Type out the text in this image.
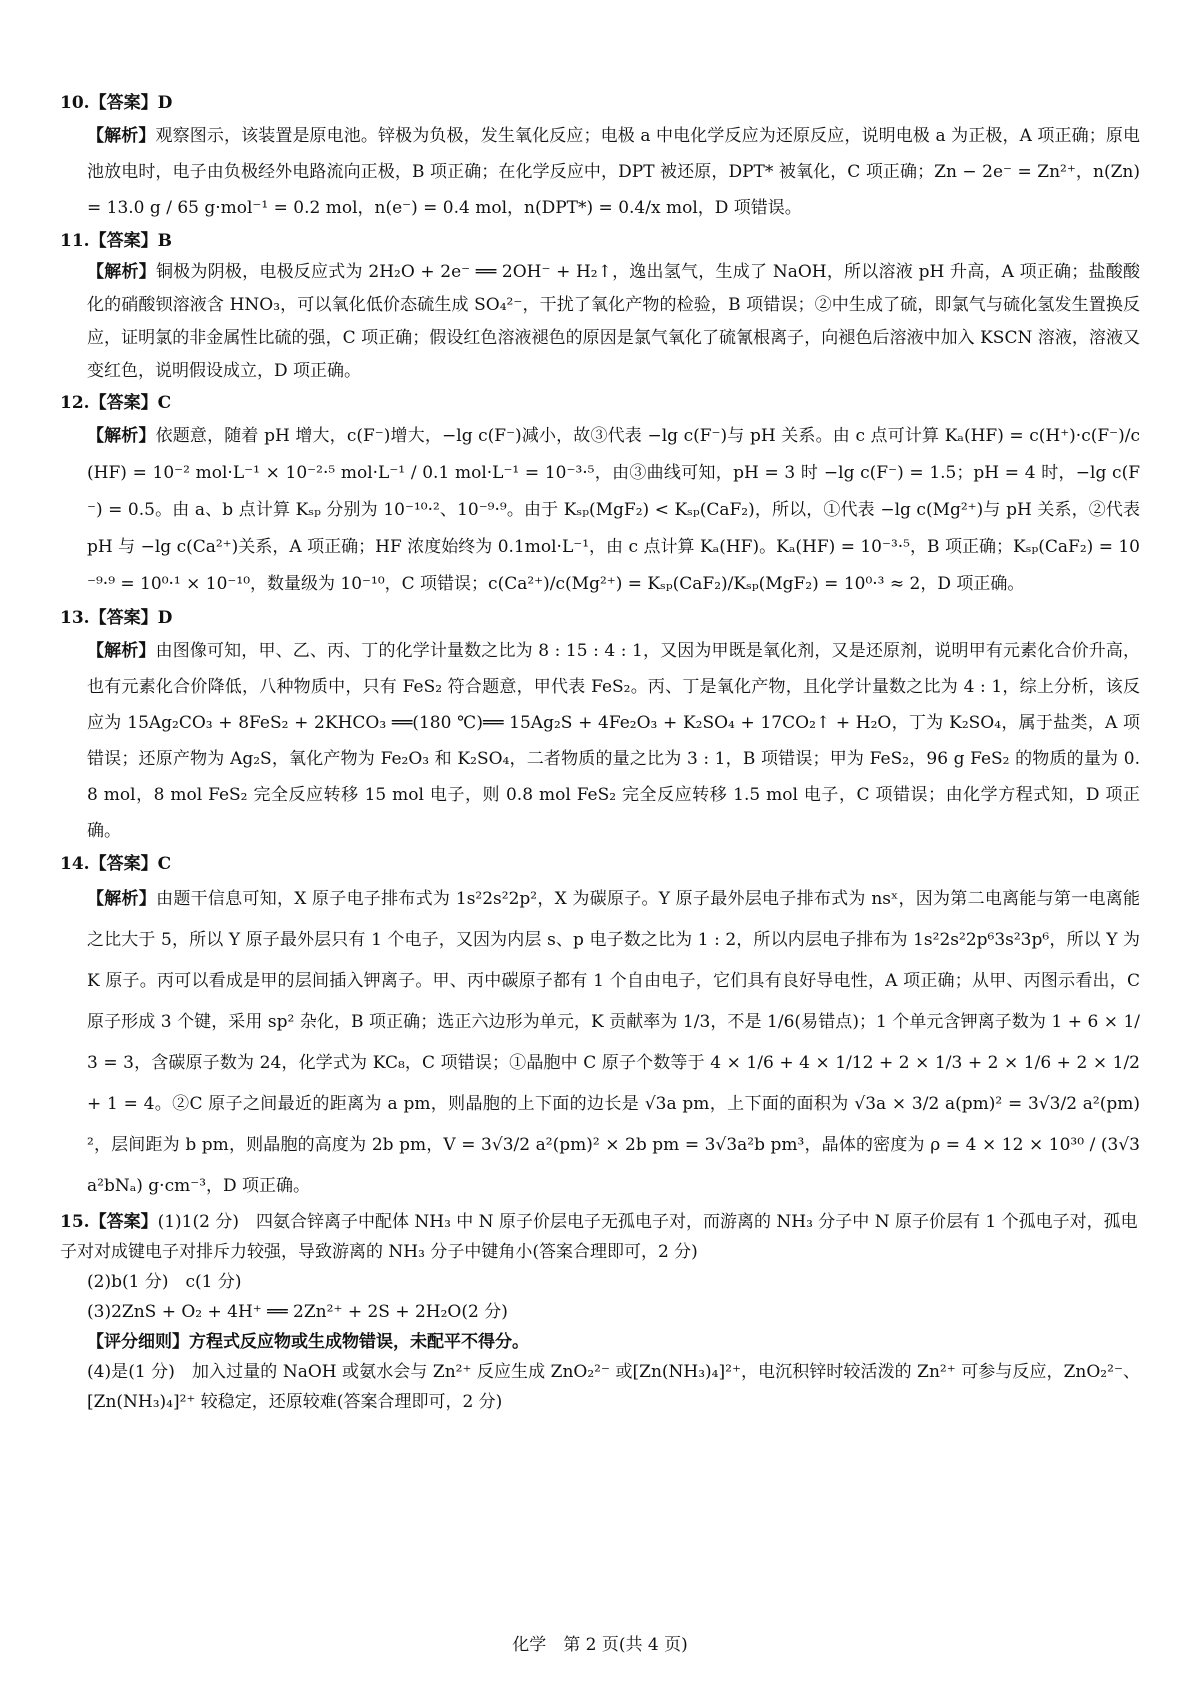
10.【答案】D

【解析】观察图示，该装置是原电池。锌极为负极，发生氧化反应；电极 a 中电化学反应为还原反应，说明电极 a 为正极，A 项正确；原电池放电时，电子由负极经外电路流向正极，B 项正确；在化学反应中，DPT 被还原，DPT* 被氧化，C 项正确；Zn − 2e⁻ = Zn²⁺，n(Zn) = 13.0 g / 65 g·mol⁻¹ = 0.2 mol，n(e⁻) = 0.4 mol，n(DPT*) = 0.4/x mol，D 项错误。

11.【答案】B

【解析】铜极为阴极，电极反应式为 2H₂O + 2e⁻ ══ 2OH⁻ + H₂↑，逸出氢气，生成了 NaOH，所以溶液 pH 升高，A 项正确；盐酸酸化的硝酸钡溶液含 HNO₃，可以氧化低价态硫生成 SO₄²⁻，干扰了氧化产物的检验，B 项错误；②中生成了硫，即氯气与硫化氢发生置换反应，证明氯的非金属性比硫的强，C 项正确；假设红色溶液褪色的原因是氯气氧化了硫氰根离子，向褪色后溶液中加入 KSCN 溶液，溶液又变红色，说明假设成立，D 项正确。

12.【答案】C

【解析】依题意，随着 pH 增大，c(F⁻)增大，−lg c(F⁻)减小，故③代表 −lg c(F⁻)与 pH 关系。由 c 点可计算 Kₐ(HF) = c(H⁺)·c(F⁻)/c(HF) = 10⁻² mol·L⁻¹ × 10⁻²·⁵ mol·L⁻¹ / 0.1 mol·L⁻¹ = 10⁻³·⁵，由③曲线可知，pH = 3 时 −lg c(F⁻) = 1.5；pH = 4 时，−lg c(F⁻) = 0.5。由 a、b 点计算 Kₛₚ 分别为 10⁻¹⁰·²、10⁻⁹·⁹。由于 Kₛₚ(MgF₂) < Kₛₚ(CaF₂)，所以，①代表 −lg c(Mg²⁺)与 pH 关系，②代表 pH 与 −lg c(Ca²⁺)关系，A 项正确；HF 浓度始终为 0.1mol·L⁻¹，由 c 点计算 Kₐ(HF)。Kₐ(HF) = 10⁻³·⁵，B 项正确；Kₛₚ(CaF₂) = 10⁻⁹·⁹ = 10⁰·¹ × 10⁻¹⁰，数量级为 10⁻¹⁰，C 项错误；c(Ca²⁺)/c(Mg²⁺) = Kₛₚ(CaF₂)/Kₛₚ(MgF₂) = 10⁰·³ ≈ 2，D 项正确。

13.【答案】D

【解析】由图像可知，甲、乙、丙、丁的化学计量数之比为 8 : 15 : 4 : 1，又因为甲既是氧化剂，又是还原剂，说明甲有元素化合价升高，也有元素化合价降低，八种物质中，只有 FeS₂ 符合题意，甲代表 FeS₂。丙、丁是氧化产物，且化学计量数之比为 4 : 1，综上分析，该反应为 15Ag₂CO₃ + 8FeS₂ + 2KHCO₃ ══(180 ℃)══ 15Ag₂S + 4Fe₂O₃ + K₂SO₄ + 17CO₂↑ + H₂O，丁为 K₂SO₄，属于盐类，A 项错误；还原产物为 Ag₂S，氧化产物为 Fe₂O₃ 和 K₂SO₄，二者物质的量之比为 3 : 1，B 项错误；甲为 FeS₂，96 g FeS₂ 的物质的量为 0.8 mol，8 mol FeS₂ 完全反应转移 15 mol 电子，则 0.8 mol FeS₂ 完全反应转移 1.5 mol 电子，C 项错误；由化学方程式知，D 项正确。

14.【答案】C

【解析】由题干信息可知，X 原子电子排布式为 1s²2s²2p²，X 为碳原子。Y 原子最外层电子排布式为 nsˣ，因为第二电离能与第一电离能之比大于 5，所以 Y 原子最外层只有 1 个电子，又因为内层 s、p 电子数之比为 1 : 2，所以内层电子排布为 1s²2s²2p⁶3s²3p⁶，所以 Y 为 K 原子。丙可以看成是甲的层间插入钾离子。甲、丙中碳原子都有 1 个自由电子，它们具有良好导电性，A 项正确；从甲、丙图示看出，C 原子形成 3 个键，采用 sp² 杂化，B 项正确；选正六边形为单元，K 贡献率为 1/3，不是 1/6(易错点)；1 个单元含钾离子数为 1 + 6 × 1/3 = 3，含碳原子数为 24，化学式为 KC₈，C 项错误；①晶胞中 C 原子个数等于 4 × 1/6 + 4 × 1/12 + 2 × 1/3 + 2 × 1/6 + 2 × 1/2 + 1 = 4。②C 原子之间最近的距离为 a pm，则晶胞的上下面的边长是 √3a pm，上下面的面积为 √3a × 3/2 a(pm)² = 3√3/2 a²(pm)²，层间距为 b pm，则晶胞的高度为 2b pm，V = 3√3/2 a²(pm)² × 2b pm = 3√3a²b pm³，晶体的密度为 ρ = 4 × 12 × 10³⁰ / (3√3a²bNₐ) g·cm⁻³，D 项正确。

15.【答案】(1)1(2 分)　四氨合锌离子中配体 NH₃ 中 N 原子价层电子无孤电子对，而游离的 NH₃ 分子中 N 原子价层有 1 个孤电子对，孤电子对对成键电子对排斥力较强，导致游离的 NH₃ 分子中键角小(答案合理即可，2 分)

(2)b(1 分)　c(1 分)

(3)2ZnS + O₂ + 4H⁺ ══ 2Zn²⁺ + 2S + 2H₂O(2 分)

【评分细则】方程式反应物或生成物错误，未配平不得分。

(4)是(1 分)　加入过量的 NaOH 或氨水会与 Zn²⁺ 反应生成 ZnO₂²⁻ 或[Zn(NH₃)₄]²⁺，电沉积锌时较活泼的 Zn²⁺ 可参与反应，ZnO₂²⁻、[Zn(NH₃)₄]²⁺ 较稳定，还原较难(答案合理即可，2 分)

化学　第 2 页(共 4 页)
